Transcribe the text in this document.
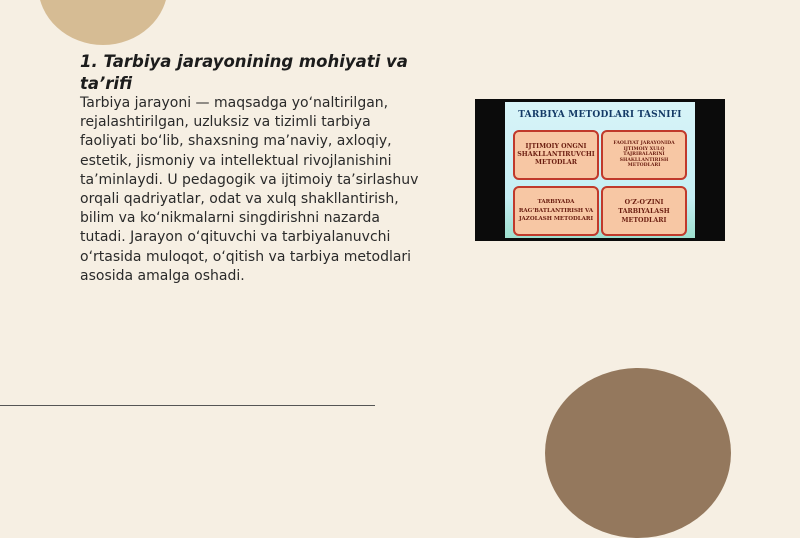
1. Tarbiya jarayonining mohiyati va ta’rifi

Tarbiya jarayoni — maqsadga yo‘naltirilgan, rejalashtirilgan, uzluksiz va tizimli tarbiya faoliyati bo‘lib, shaxsning ma’naviy, axloqiy, estetik, jismoniy va intellektual rivojlanishini ta’minlaydi. U pedagogik va ijtimoiy ta’sirlashuv orqali qadriyatlar, odat va xulq shakllantirish, bilim va ko‘nikmalarni singdirishni nazarda tutadi. Jarayon o‘qituvchi va tarbiyalanuvchi o‘rtasida muloqot, o‘qitish va tarbiya metodlari asosida amalga oshadi.

TARBIYA METODLARI TASNIFI
IJTIMOIY ONGNI SHAKLLANTIRUVCHI METODLAR
FAOLIYAT JARAYONIDA IJTIMOIY XULQ TAJRIBALARINI SHAKLLANTIRISH METODLARI
TARBIYADA RAG‘BATLANTIRISH VA JAZOLASH METODLARI
O‘Z-O‘ZINI TARBIYALASH METODLARI
